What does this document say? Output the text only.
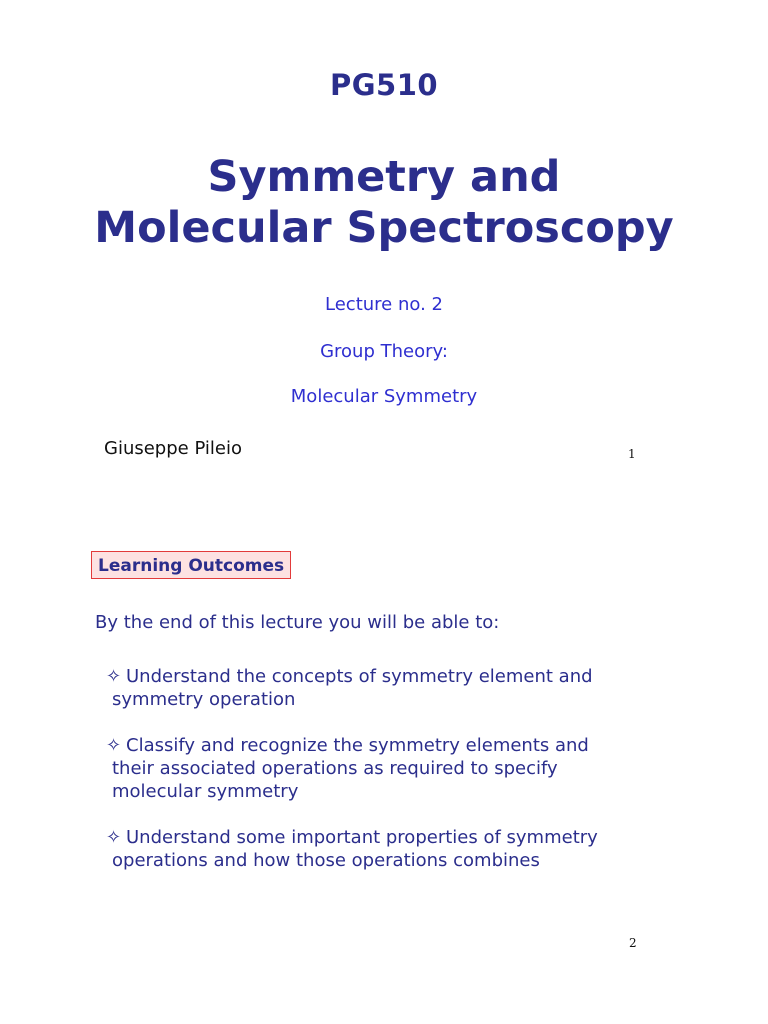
PG510
Symmetry and
Molecular Spectroscopy
Lecture no. 2
Group Theory:
Molecular Symmetry
Giuseppe Pileio	1
Learning Outcomes
By the end of this lecture you will be able to:
✧ Understand the concepts of symmetry element and
symmetry operation
✧ Classify and recognize the symmetry elements and
their associated operations as required to specify
molecular symmetry
✧ Understand some important properties of symmetry
operations and how those operations combines
2
